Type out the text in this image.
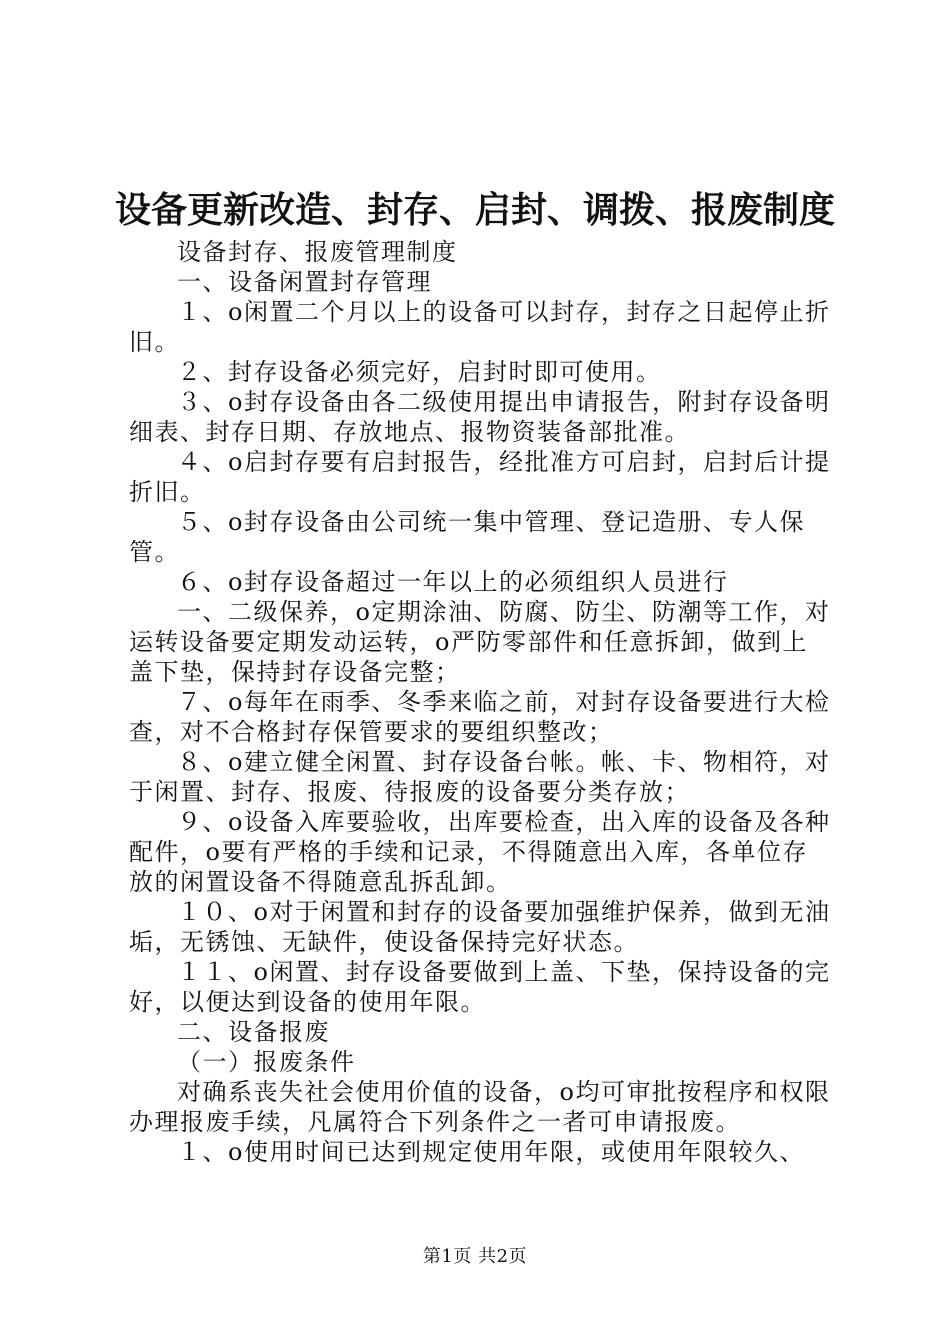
设备更新改造、封存、启封、调拨、报废制度

设备封存、报废管理制度

一、设备闲置封存管理

１、o闲置二个月以上的设备可以封存，封存之日起停止折旧。

２、封存设备必须完好，启封时即可使用。

３、o封存设备由各二级使用提出申请报告，附封存设备明细表、封存日期、存放地点、报物资装备部批准。

４、o启封存要有启封报告，经批准方可启封，启封后计提折旧。

５、o封存设备由公司统一集中管理、登记造册、专人保管。

６、o封存设备超过一年以上的必须组织人员进行

一、二级保养，o定期涂油、防腐、防尘、防潮等工作，对运转设备要定期发动运转，o严防零部件和任意拆卸，做到上盖下垫，保持封存设备完整；

７、o每年在雨季、冬季来临之前，对封存设备要进行大检查，对不合格封存保管要求的要组织整改；

８、o建立健全闲置、封存设备台帐。帐、卡、物相符，对于闲置、封存、报废、待报废的设备要分类存放；

９、o设备入库要验收，出库要检查，出入库的设备及各种配件，o要有严格的手续和记录，不得随意出入库，各单位存放的闲置设备不得随意乱拆乱卸。

１０、o对于闲置和封存的设备要加强维护保养，做到无油垢，无锈蚀、无缺件，使设备保持完好状态。

１１、o闲置、封存设备要做到上盖、下垫，保持设备的完好，以便达到设备的使用年限。

二、设备报废

（一）报废条件

对确系丧失社会使用价值的设备，o均可审批按程序和权限办理报废手续，凡属符合下列条件之一者可申请报废。

１、o使用时间已达到规定使用年限，或使用年限较久、

第1页 共2页
